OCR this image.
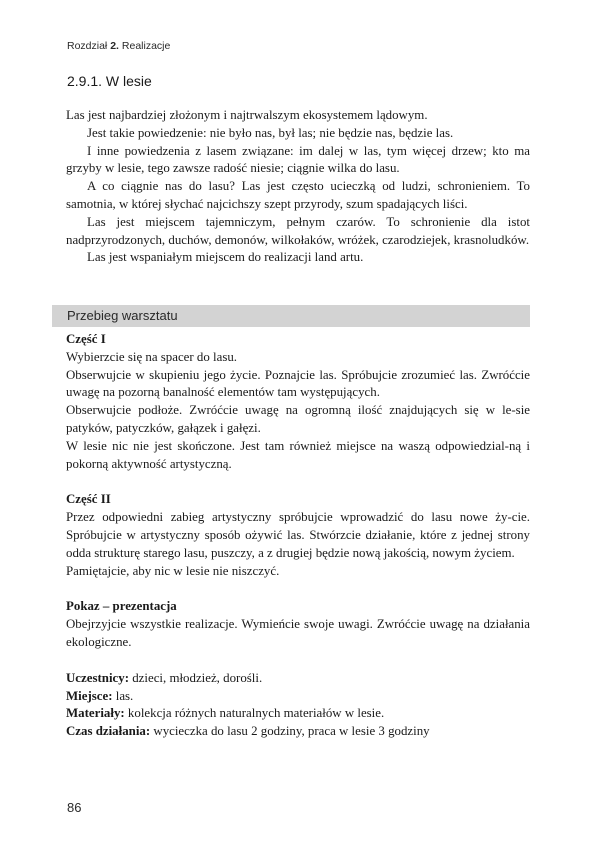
Rozdział 2. Realizacje
2.9.1. W lesie

Las jest najbardziej złożonym i najtrwalszym ekosystemem lądowym.

Jest takie powiedzenie: nie było nas, był las; nie będzie nas, będzie las.

I inne powiedzenia z lasem związane: im dalej w las, tym więcej drzew; kto ma grzyby w lesie, tego zawsze radość niesie; ciągnie wilka do lasu.

A co ciągnie nas do lasu? Las jest często ucieczką od ludzi, schronieniem. To samotnia, w której słychać najcichszy szept przyrody, szum spadających liści.

Las jest miejscem tajemniczym, pełnym czarów. To schronienie dla istot nadprzyrodzonych, duchów, demonów, wilkołaków, wróżek, czarodziejek, krasnoludków.

Las jest wspaniałym miejscem do realizacji land artu.

Przebieg warsztatu

Część I

Wybierzcie się na spacer do lasu.

Obserwujcie w skupieniu jego życie. Poznajcie las. Spróbujcie zrozumieć las. Zwróćcie uwagę na pozorną banalność elementów tam występujących.

Obserwujcie podłoże. Zwróćcie uwagę na ogromną ilość znajdujących się w le-sie patyków, patyczków, gałązek i gałęzi.

W lesie nic nie jest skończone. Jest tam również miejsce na waszą odpowiedzial-ną i pokorną aktywność artystyczną.

Część II

Przez odpowiedni zabieg artystyczny spróbujcie wprowadzić do lasu nowe ży-cie. Spróbujcie w artystyczny sposób ożywić las. Stwórzcie działanie, które z jednej strony odda strukturę starego lasu, puszczy, a z drugiej będzie nową jakością, nowym życiem.

Pamiętajcie, aby nic w lesie nie niszczyć.

Pokaz – prezentacja

Obejrzyjcie wszystkie realizacje. Wymieńcie swoje uwagi. Zwróćcie uwagę na działania ekologiczne.

Uczestnicy: dzieci, młodzież, dorośli.

Miejsce: las.

Materiały: kolekcja różnych naturalnych materiałów w lesie.

Czas działania: wycieczka do lasu 2 godziny, praca w lesie 3 godziny

86
